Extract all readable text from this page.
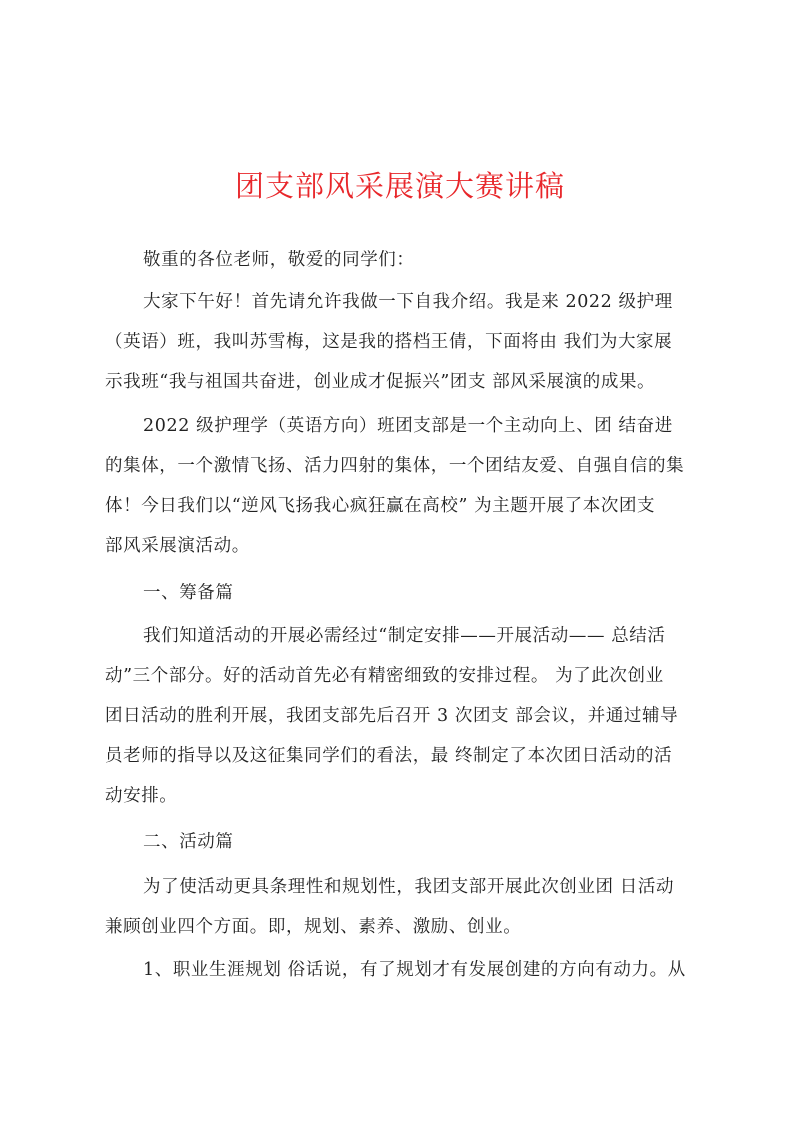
团支部风采展演大赛讲稿
敬重的各位老师，敬爱的同学们：
大家下午好！首先请允许我做一下自我介绍。我是来 2022 级护理
（英语）班，我叫苏雪梅，这是我的搭档王倩，下面将由 我们为大家展
示我班“我与祖国共奋进，创业成才促振兴”团支 部风采展演的成果。
2022 级护理学（英语方向）班团支部是一个主动向上、团 结奋进
的集体，一个激情飞扬、活力四射的集体，一个团结友爱、自强自信的集
体！今日我们以“逆风飞扬我心疯狂赢在高校” 为主题开展了本次团支
部风采展演活动。
一、筹备篇
我们知道活动的开展必需经过“制定安排——开展活动—— 总结活
动”三个部分。好的活动首先必有精密细致的安排过程。 为了此次创业
团日活动的胜利开展，我团支部先后召开 3 次团支 部会议，并通过辅导
员老师的指导以及这征集同学们的看法，最 终制定了本次团日活动的活
动安排。
二、活动篇
为了使活动更具条理性和规划性，我团支部开展此次创业团 日活动
兼顾创业四个方面。即，规划、素养、激励、创业。
1、职业生涯规划 俗话说，有了规划才有发展创建的方向有动力。从
